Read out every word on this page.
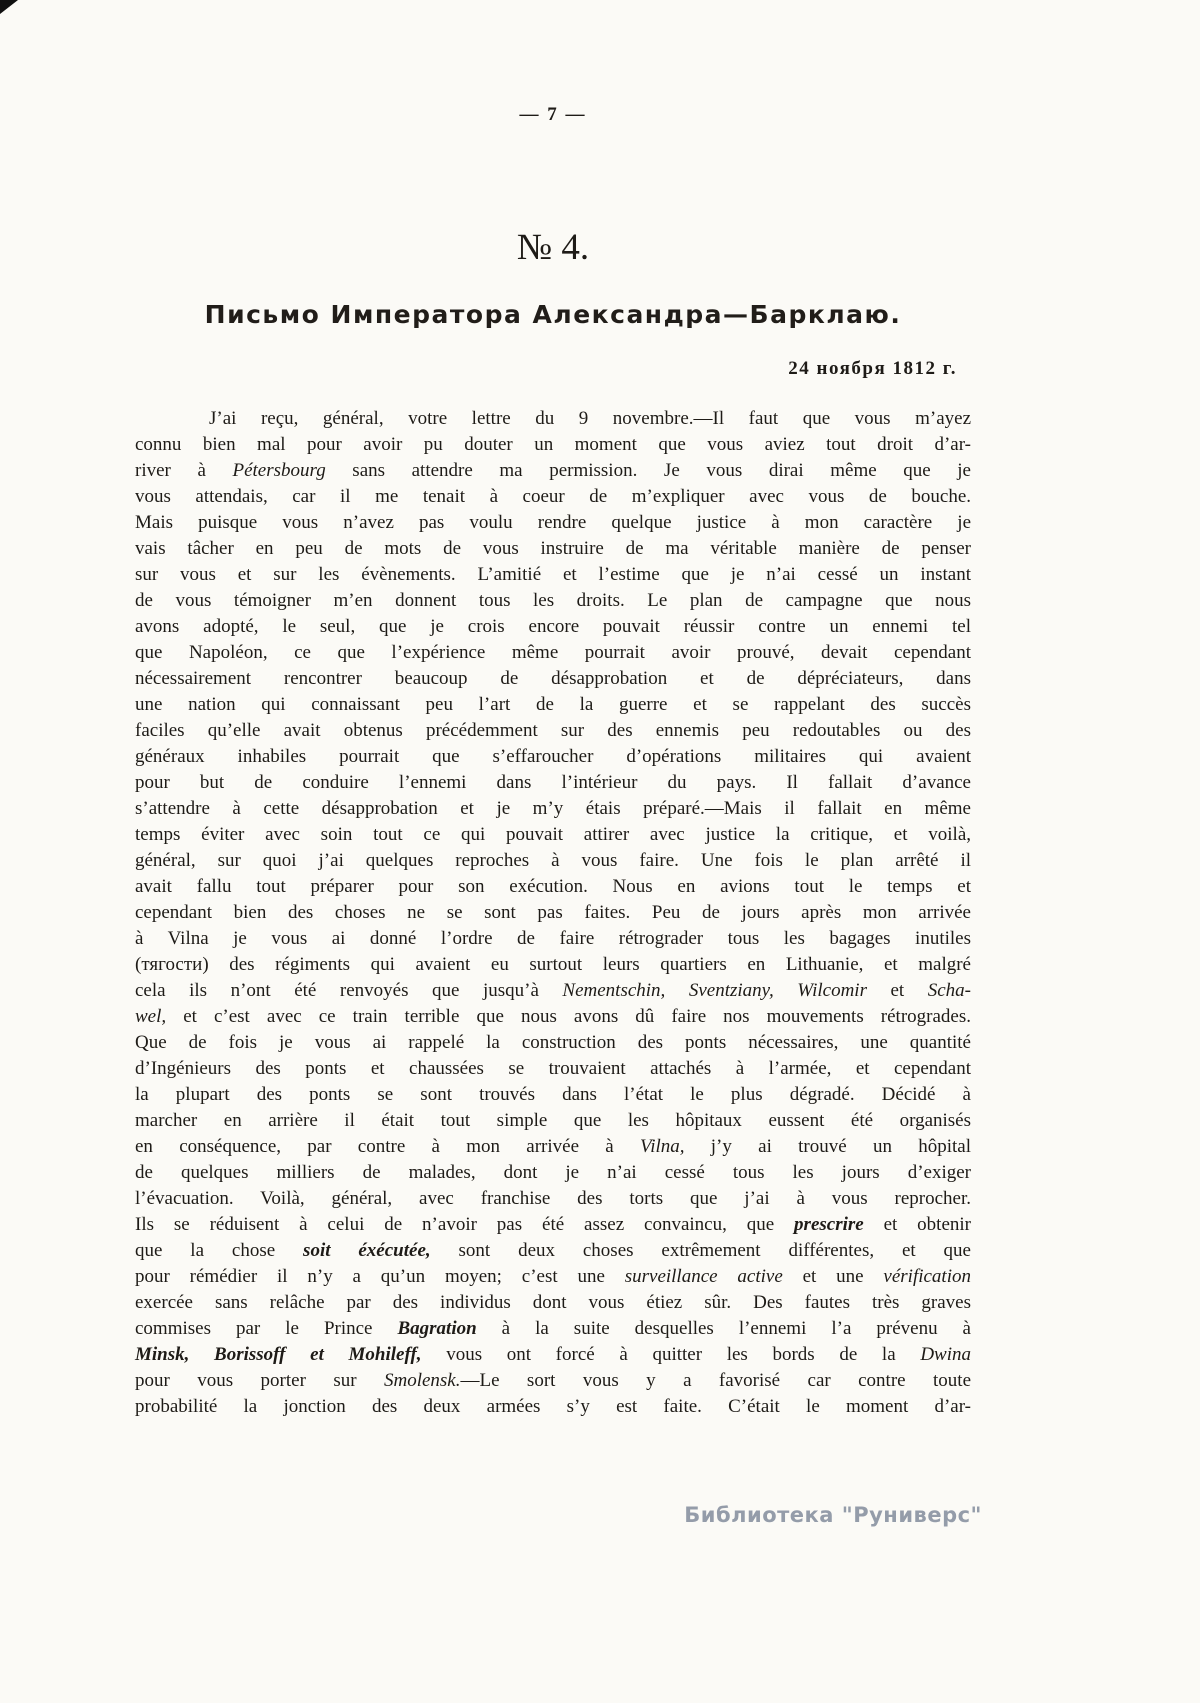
— 7 —
№ 4.
Письмо Императора Александра—Барклаю.
24 ноября 1812 г.
J’ai reçu, général, votre lettre du 9 novembre.—Il faut que vous m’ayez
connu bien mal pour avoir pu douter un moment que vous aviez tout droit d’ar-
river à Pétersbourg sans attendre ma permission. Je vous dirai même que je
vous attendais, car il me tenait à coeur de m’expliquer avec vous de bouche.
Mais puisque vous n’avez pas voulu rendre quelque justice à mon caractère je
vais tâcher en peu de mots de vous instruire de ma véritable manière de penser
sur vous et sur les évènements. L’amitié et l’estime que je n’ai cessé un instant
de vous témoigner m’en donnent tous les droits. Le plan de campagne que nous
avons adopté, le seul, que je crois encore pouvait réussir contre un ennemi tel
que Napoléon, ce que l’expérience même pourrait avoir prouvé, devait cependant
nécessairement rencontrer beaucoup de désapprobation et de dépréciateurs, dans
une nation qui connaissant peu l’art de la guerre et se rappelant des succès
faciles qu’elle avait obtenus précédemment sur des ennemis peu redoutables ou des
généraux inhabiles pourrait que s’effaroucher d’opérations militaires qui avaient
pour but de conduire l’ennemi dans l’intérieur du pays. Il fallait d’avance
s’attendre à cette désapprobation et je m’y étais préparé.—Mais il fallait en même
temps éviter avec soin tout ce qui pouvait attirer avec justice la critique, et voilà,
général, sur quoi j’ai quelques reproches à vous faire. Une fois le plan arrêté il
avait fallu tout préparer pour son exécution. Nous en avions tout le temps et
cependant bien des choses ne se sont pas faites. Peu de jours après mon arrivée
à Vilna je vous ai donné l’ordre de faire rétrograder tous les bagages inutiles
(тягости) des régiments qui avaient eu surtout leurs quartiers en Lithuanie, et malgré
cela ils n’ont été renvoyés que jusqu’à Nementschin, Sventziany, Wilcomir et Scha-
wel, et c’est avec ce train terrible que nous avons dû faire nos mouvements rétrogrades.
Que de fois je vous ai rappelé la construction des ponts nécessaires, une quantité
d’Ingénieurs des ponts et chaussées se trouvaient attachés à l’armée, et cependant
la plupart des ponts se sont trouvés dans l’état le plus dégradé. Décidé à
marcher en arrière il était tout simple que les hôpitaux eussent été organisés
en conséquence, par contre à mon arrivée à Vilna, j’y ai trouvé un hôpital
de quelques milliers de malades, dont je n’ai cessé tous les jours d’exiger
l’évacuation. Voilà, général, avec franchise des torts que j’ai à vous reprocher.
Ils se réduisent à celui de n’avoir pas été assez convaincu, que prescrire et obtenir
que la chose soit éxécutée, sont deux choses extrêmement différentes, et que
pour rémédier il n’y a qu’un moyen; c’est une surveillance active et une vérification
exercée sans relâche par des individus dont vous étiez sûr. Des fautes très graves
commises par le Prince Bagration à la suite desquelles l’ennemi l’a prévenu à
Minsk, Borissoff et Mohileff, vous ont forcé à quitter les bords de la Dwina
pour vous porter sur Smolensk.—Le sort vous y a favorisé car contre toute
probabilité la jonction des deux armées s’y est faite. C’était le moment d’ar-
Библиотека "Руниверс"
